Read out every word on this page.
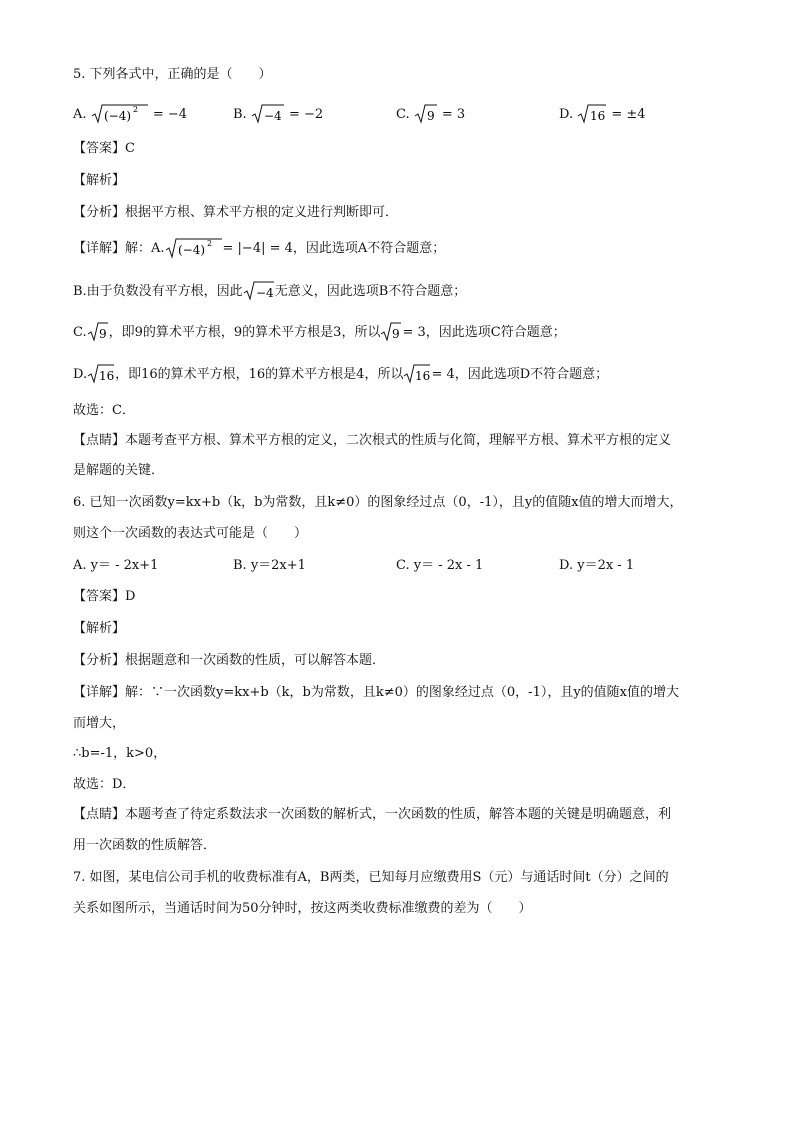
5. 下列各式中，正确的是（　　）
A. (−4) 2 = −4	B. −4 = −2	C. 9 = 3	D. 16 = ±4
【答案】C
【解析】
【分析】根据平方根、算术平方根的定义进行判断即可．
【详解】解：A. (−4) 2 = |−4| = 4，因此选项A不符合题意；
B.由于负数没有平方根，因此 −4 无意义，因此选项B不符合题意；
C. 9 ，即9的算术平方根，9的算术平方根是3，所以 9 = 3，因此选项C符合题意；
D. 16 ，即16的算术平方根，16的算术平方根是4，所以 16 = 4，因此选项D不符合题意；
故选：C．
【点睛】本题考查平方根、算术平方根的定义，二次根式的性质与化简，理解平方根、算术平方根的定义
是解题的关键．
6. 已知一次函数y=kx+b（k，b为常数，且k≠0）的图象经过点（0，-1），且y的值随x值的增大而增大，
则这个一次函数的表达式可能是（　　）
A. y＝ - 2x+1	B. y＝2x+1	C. y＝ - 2x - 1	D. y＝2x - 1
【答案】D
【解析】
【分析】根据题意和一次函数的性质，可以解答本题．
【详解】解：∵一次函数y=kx+b（k，b为常数，且k≠0）的图象经过点（0，-1），且y的值随x值的增大
而增大，
∴b=-1，k>0，
故选：D．
【点睛】本题考查了待定系数法求一次函数的解析式，一次函数的性质，解答本题的关键是明确题意，利
用一次函数的性质解答．
7. 如图，某电信公司手机的收费标准有A，B两类，已知每月应缴费用S（元）与通话时间t（分）之间的
关系如图所示，当通话时间为50分钟时，按这两类收费标准缴费的差为（　　）
